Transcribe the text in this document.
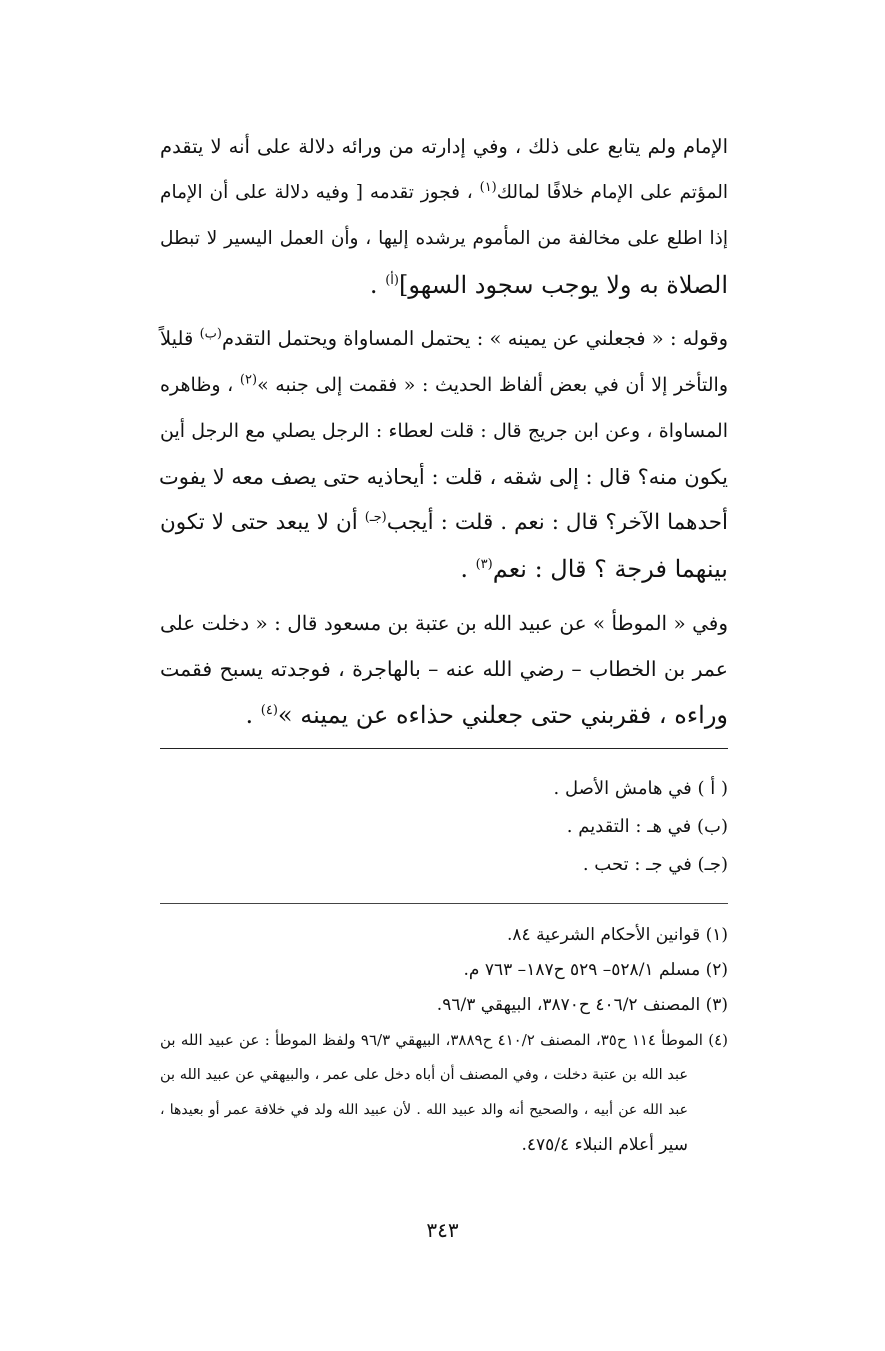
الإمام ولم يتابع على ذلك ، وفي إدارته من ورائه دلالة على أنه لا يتقدم
المؤتم على الإمام خلافًا لمالك$^{(١)}$ ، فجوز تقدمه [ وفيه دلالة على أن الإمام
إذا اطلع على مخالفة من المأموم يرشده إليها ، وأن العمل اليسير لا تبطل
الصلاة به ولا يوجب سجود السهو]$^{(أ)}$ .
وقوله : « فجعلني عن يمينه » : يحتمل المساواة ويحتمل التقدم$^{(ب)}$ قليلاً
والتأخر إلا أن في بعض ألفاظ الحديث : « فقمت إلى جنبه »$^{(٢)}$ ، وظاهره
المساواة ، وعن ابن جريج قال : قلت لعطاء : الرجل يصلي مع الرجل أين
يكون منه؟ قال : إلى شقه ، قلت : أيحاذيه حتى يصف معه لا يفوت
أحدهما الآخر؟ قال : نعم . قلت : أيجب$^{(جـ)}$ أن لا يبعد حتى لا تكون
بينهما فرجة ؟ قال : نعم$^{(٣)}$ .
وفي « الموطأ » عن عبيد الله بن عتبة بن مسعود قال : « دخلت على
عمر بن الخطاب – رضي الله عنه – بالهاجرة ، فوجدته يسبح فقمت
وراءه ، فقربني حتى جعلني حذاءه عن يمينه »$^{(٤)}$ .
( أ ) في هامش الأصل .
(ب) في هـ : التقديم .
(جـ) في جـ : تحب .
(١) قوانين الأحكام الشرعية ٨٤.
(٢) مسلم ٥٢٨/١– ٥٢٩ ح١٨٧– ٧٦٣ م.
(٣) المصنف ٤٠٦/٢ ح٣٨٧٠، البيهقي ٩٦/٣.
(٤) الموطأ ١١٤ ح٣٥، المصنف ٤١٠/٢ ح٣٨٨٩، البيهقي ٩٦/٣ ولفظ الموطأ : عن عبيد الله بن
عبد الله بن عتبة دخلت ، وفي المصنف أن أباه دخل على عمر ، والبيهقي عن عبيد الله بن
عبد الله عن أبيه ، والصحيح أنه والد عبيد الله . لأن عبيد الله ولد في خلافة عمر أو بعيدها ،
سير أعلام النبلاء ٤٧٥/٤.
٣٤٣
